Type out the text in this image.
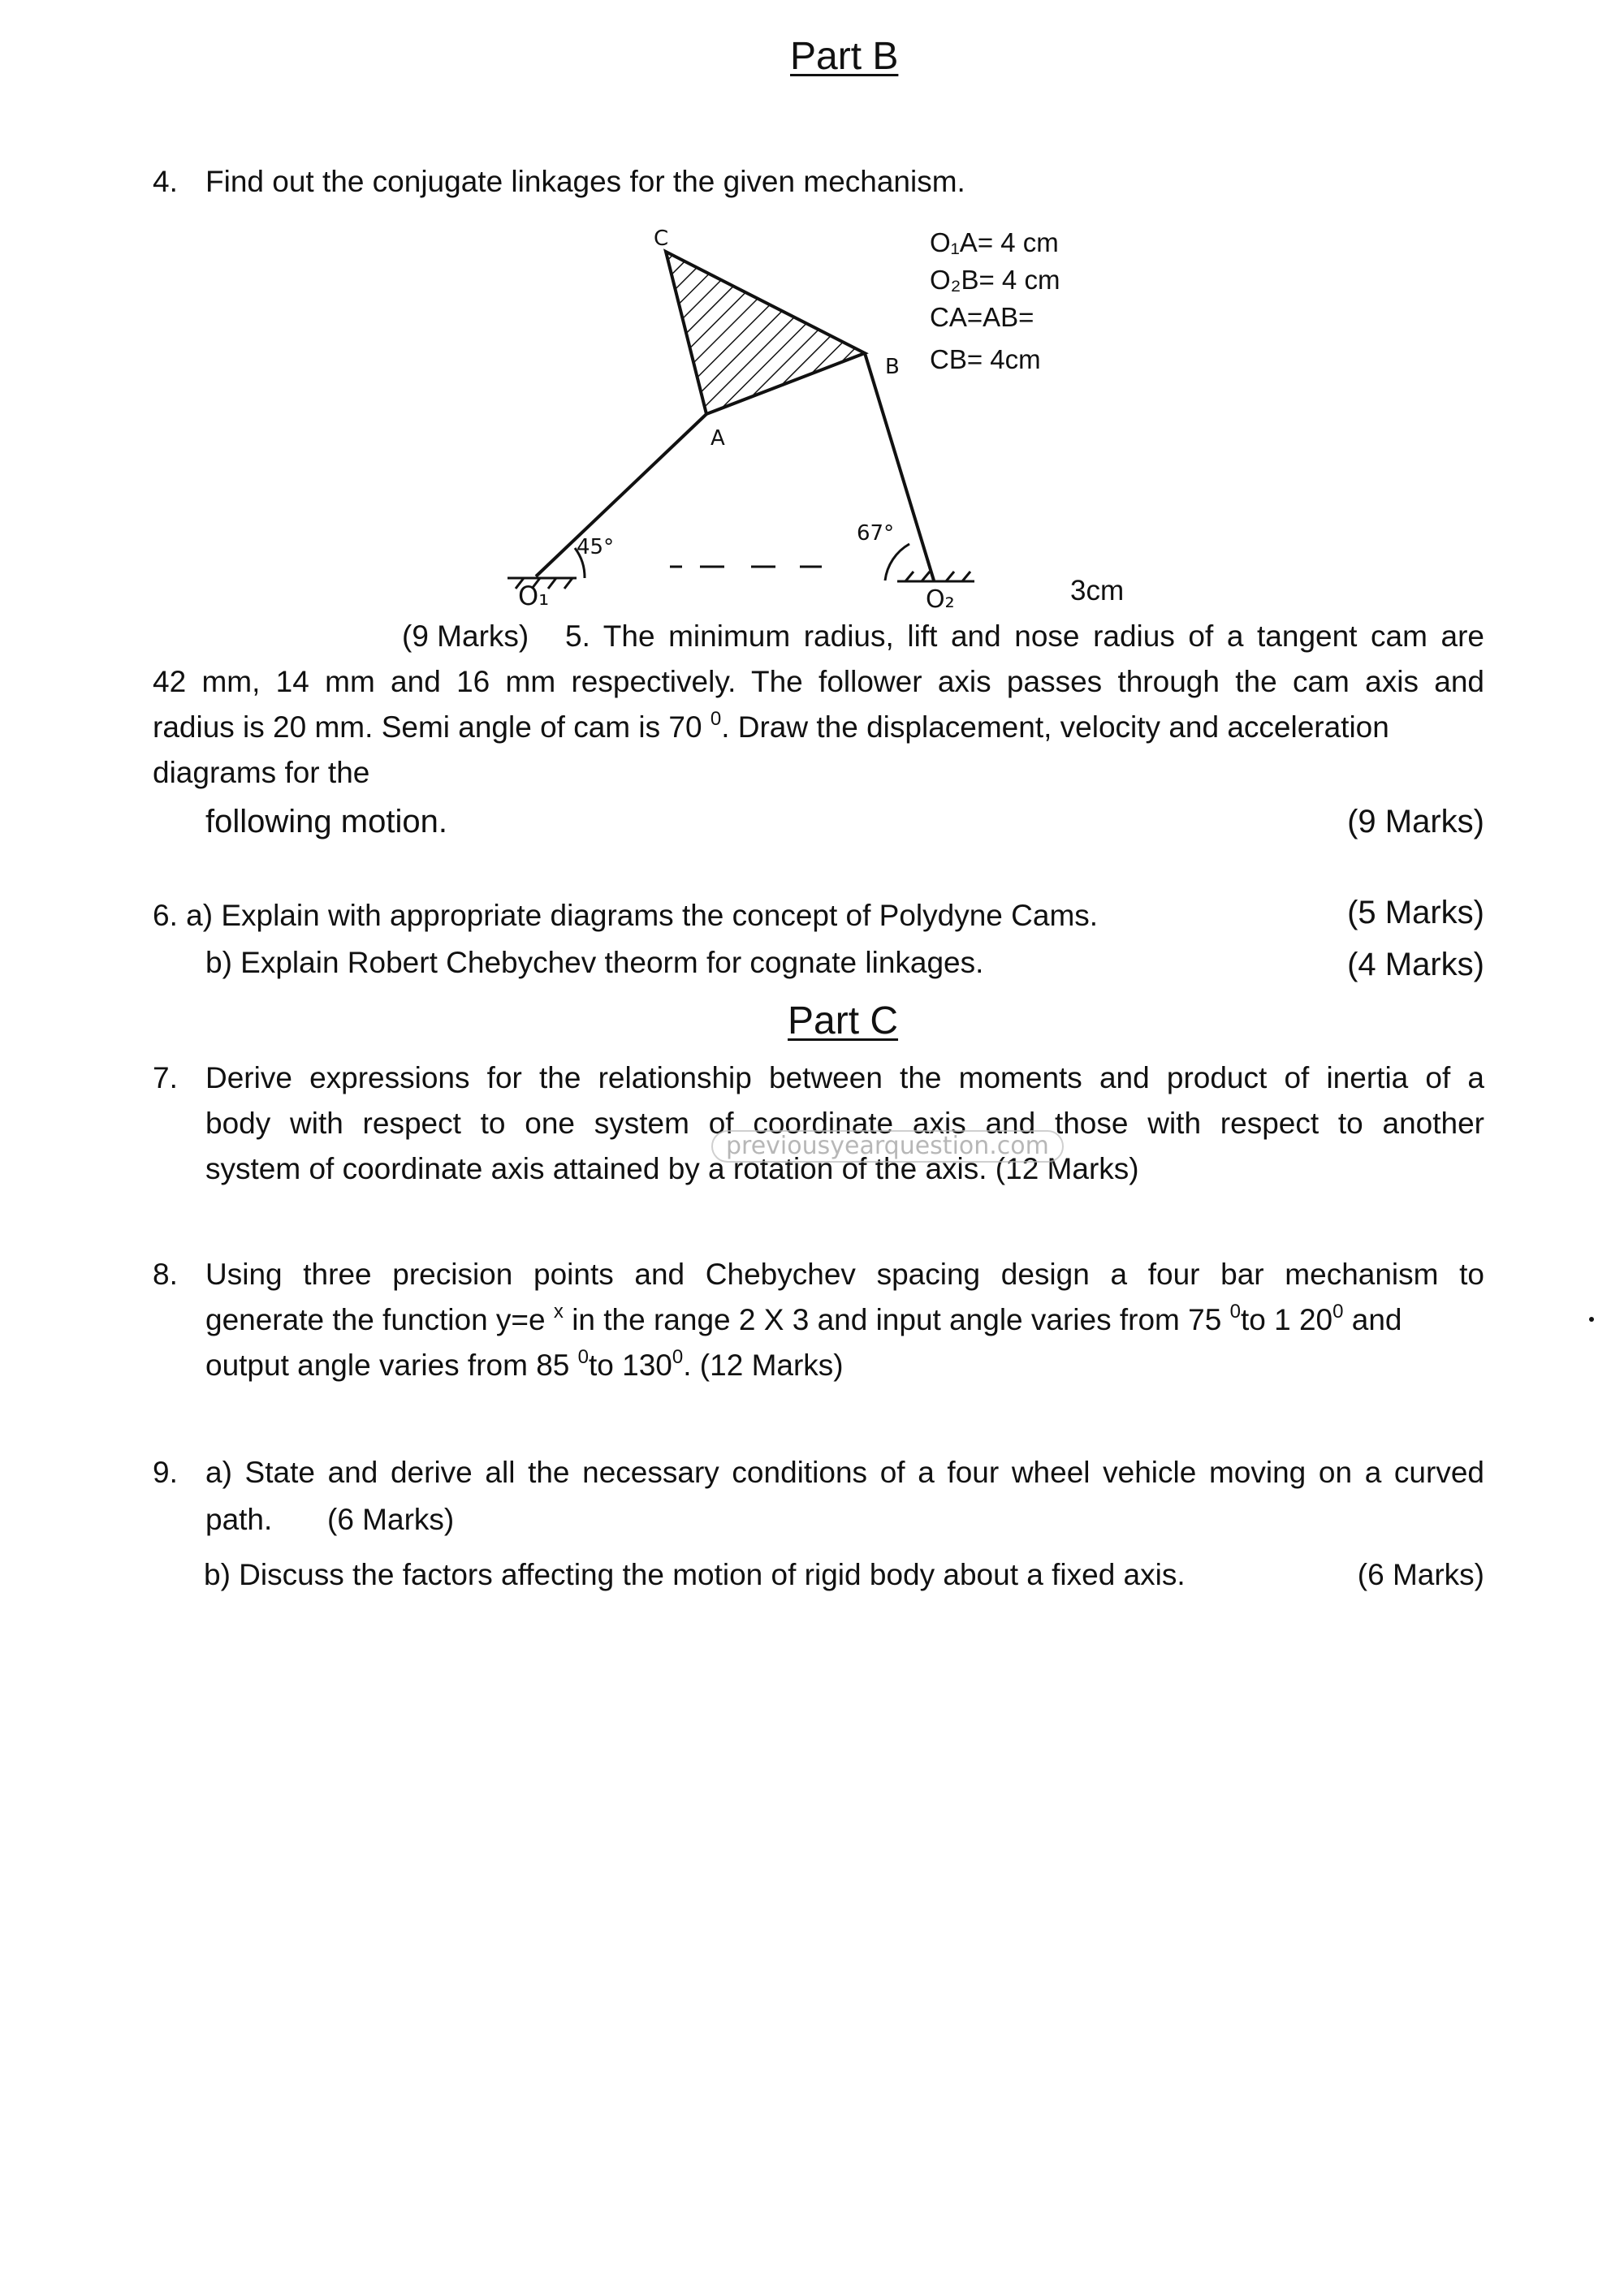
Part B
4. Find out the conjugate linkages for the given mechanism.
C
A
B
O₁	O₂
45°
67°
O₁A= 4 cm
O₂B= 4 cm
CA=AB=
CB= 4cm
3cm
(9 Marks) 5. The minimum radius, lift and nose radius of a tangent cam are
42 mm, 14 mm and 16 mm respectively. The follower axis passes through the cam axis and
radius is 20 mm. Semi angle of cam is 70 $^0$. Draw the displacement, velocity and acceleration
diagrams for the
following motion.	(9 Marks)
6. a) Explain with appropriate diagrams the concept of Polydyne Cams.	(5 Marks)
b) Explain Robert Chebychev theorm for cognate linkages.	(4 Marks)
Part C
7. Derive expressions for the relationship between the moments and product of inertia of a
body with respect to one system of coordinate axis and those with respect to another
system of coordinate axis attained by a rotation of the axis. (12 Marks)
previousyearquestion.com
8. Using three precision points and Chebychev spacing design a four bar mechanism to
generate the function y=e $^x$ in the range 2 X 3 and input angle varies from 75 $^0$to 1 $20^0$ and
output angle varies from 85 $^0$to $130^0$. (12 Marks)
9. a) State and derive all the necessary conditions of a four wheel vehicle moving on a curved
path. (6 Marks)
b) Discuss the factors affecting the motion of rigid body about a fixed axis.	(6 Marks)
